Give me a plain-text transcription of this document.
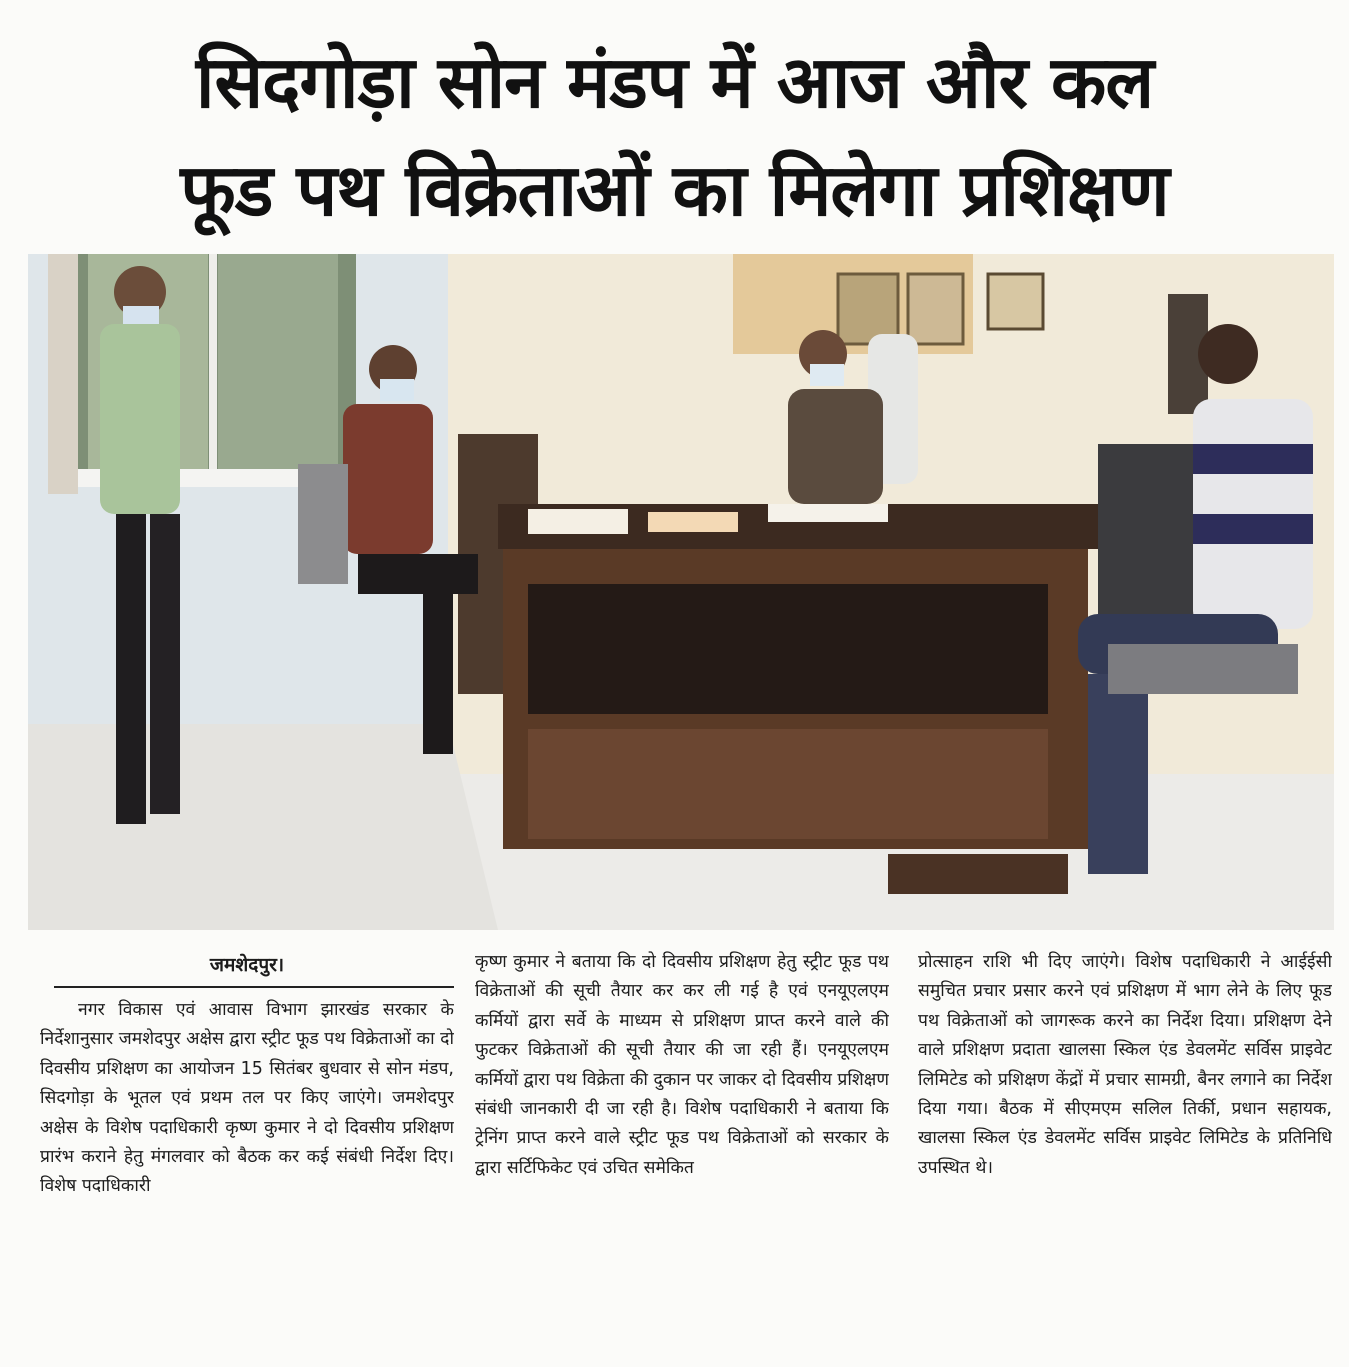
सिदगोड़ा सोन मंडप में आज और कल
फूड पथ विक्रेताओं का मिलेगा प्रशिक्षण
जमशेदपुर।

नगर विकास एवं आवास विभाग झारखंड सरकार के निर्देशानुसार जमशेदपुर अक्षेस द्वारा स्ट्रीट फूड पथ विक्रेताओं का दो दिवसीय प्रशिक्षण का आयोजन 15 सितंबर बुधवार से सोन मंडप, सिदगोड़ा के भूतल एवं प्रथम तल पर किए जाएंगे। जमशेदपुर अक्षेस के विशेष पदाधिकारी कृष्ण कुमार ने दो दिवसीय प्रशिक्षण प्रारंभ कराने हेतु मंगलवार को बैठक कर कई संबंधी निर्देश दिए। विशेष पदाधिकारी

कृष्ण कुमार ने बताया कि दो दिवसीय प्रशिक्षण हेतु स्ट्रीट फूड पथ विक्रेताओं की सूची तैयार कर कर ली गई है एवं एनयूएलएम कर्मियों द्वारा सर्वे के माध्यम से प्रशिक्षण प्राप्त करने वाले की फुटकर विक्रेताओं की सूची तैयार की जा रही हैं। एनयूएलएम कर्मियों द्वारा पथ विक्रेता की दुकान पर जाकर दो दिवसीय प्रशिक्षण संबंधी जानकारी दी जा रही है। विशेष पदाधिकारी ने बताया कि ट्रेनिंग प्राप्त करने वाले स्ट्रीट फूड पथ विक्रेताओं को सरकार के द्वारा सर्टिफिकेट एवं उचित समेकित

प्रोत्साहन राशि भी दिए जाएंगे। विशेष पदाधिकारी ने आईईसी समुचित प्रचार प्रसार करने एवं प्रशिक्षण में भाग लेने के लिए फूड पथ विक्रेताओं को जागरूक करने का निर्देश दिया। प्रशिक्षण देने वाले प्रशिक्षण प्रदाता खालसा स्किल एंड डेवलमेंट सर्विस प्राइवेट लिमिटेड को प्रशिक्षण केंद्रों में प्रचार सामग्री, बैनर लगाने का निर्देश दिया गया। बैठक में सीएमएम सलिल तिर्की, प्रधान सहायक, खालसा स्किल एंड डेवलमेंट सर्विस प्राइवेट लिमिटेड के प्रतिनिधि उपस्थित थे।
